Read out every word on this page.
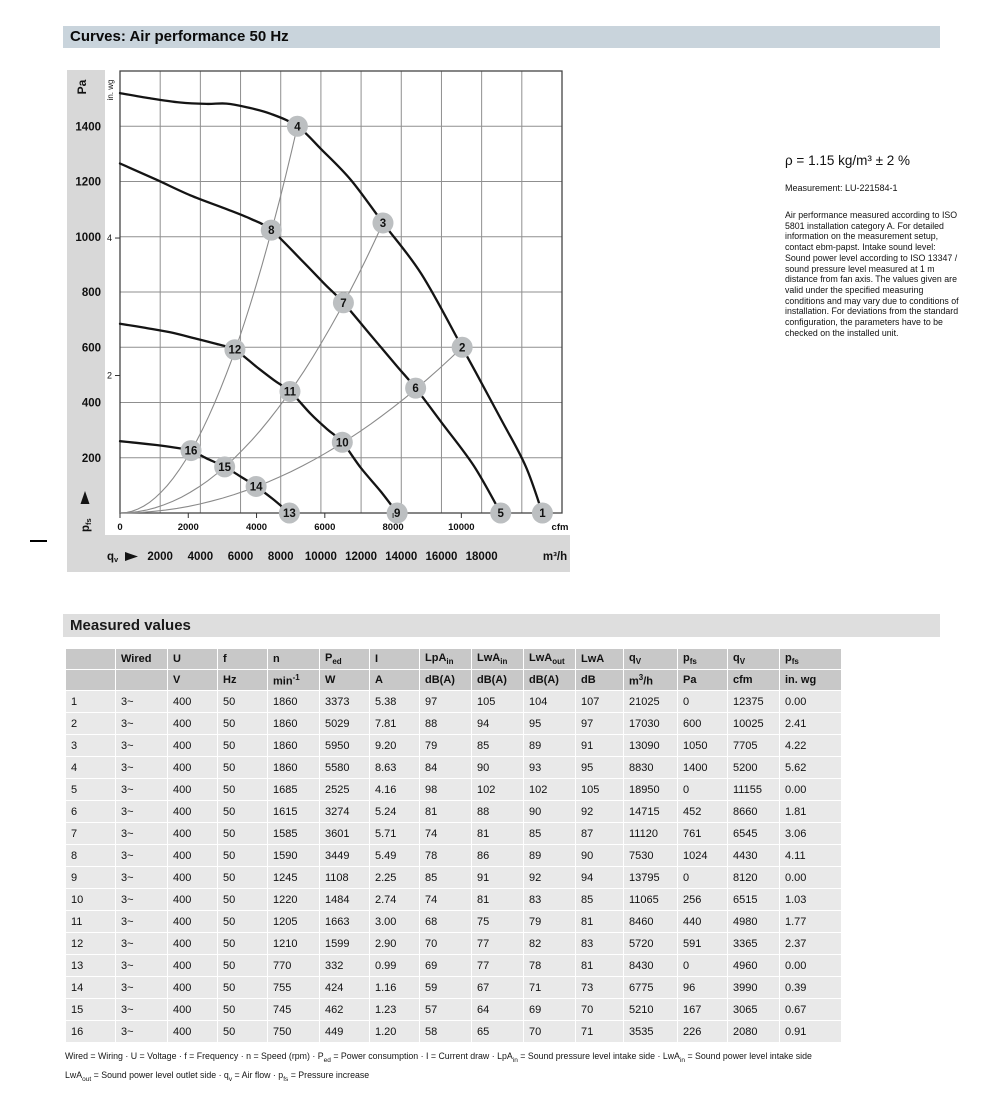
Curves: Air performance 50 Hz
1
2
3
4
5
6
7
8
9
10
11
12
13
14
15
16
200
400
600
800
1000
1200
1400
Pa in. wg
2
4
0	2000	4000	6000	8000	10000	cfm
2000 4000 6000 8000 10000 12000 14000 16000 18000	m³/h
qv
pfs

ρ = 1.15 kg/m³ ± 2 %

Measurement: LU-221584-1

Air performance measured according to ISO 5801 installation category A. For detailed information on the measurement setup, contact ebm-papst. Intake sound level: Sound power level according to ISO 13347 / sound pressure level measured at 1 m distance from fan axis. The values given are valid under the specified measuring conditions and may vary due to conditions of installation. For deviations from the standard configuration, the parameters have to be checked on the installed unit.

Measured values
	Wired	U	f	n	$P_{ed}$	I	LpA$_{in}$	LwA$_{in}$	LwA$_{out}$	LwA	$q_V$	$p_{fs}$	$q_V$	$p_{fs}$
		V	Hz	$\min^{-1}$	W	A	dB(A)	dB(A)	dB(A)	dB	$m^3/h$	Pa	cfm	in. wg
1	3~	400	50	1860	3373	5.38	97	105	104	107	21025	0	12375	0.00
2	3~	400	50	1860	5029	7.81	88	94	95	97	17030	600	10025	2.41
3	3~	400	50	1860	5950	9.20	79	85	89	91	13090	1050	7705	4.22
4	3~	400	50	1860	5580	8.63	84	90	93	95	8830	1400	5200	5.62
5	3~	400	50	1685	2525	4.16	98	102	102	105	18950	0	11155	0.00
6	3~	400	50	1615	3274	5.24	81	88	90	92	14715	452	8660	1.81
7	3~	400	50	1585	3601	5.71	74	81	85	87	11120	761	6545	3.06
8	3~	400	50	1590	3449	5.49	78	86	89	90	7530	1024	4430	4.11
9	3~	400	50	1245	1108	2.25	85	91	92	94	13795	0	8120	0.00
10	3~	400	50	1220	1484	2.74	74	81	83	85	11065	256	6515	1.03
11	3~	400	50	1205	1663	3.00	68	75	79	81	8460	440	4980	1.77
12	3~	400	50	1210	1599	2.90	70	77	82	83	5720	591	3365	2.37
13	3~	400	50	770	332	0.99	69	77	78	81	8430	0	4960	0.00
14	3~	400	50	755	424	1.16	59	67	71	73	6775	96	3990	0.39
15	3~	400	50	745	462	1.23	57	64	69	70	5210	167	3065	0.67
16	3~	400	50	750	449	1.20	58	65	70	71	3535	226	2080	0.91
Wired = Wiring · U = Voltage · f = Frequency · n = Speed $(rpm) \cdot P_{ed}$ = Power consumption · I = Current draw · LpA$_{in}$ = Sound pressure level intake side · LwA$_{in}$ = Sound power level intake side
LwA$_{out}$ = Sound power level outlet side · $q_v$ = Air flow · $p_{fs}$ = Pressure increase
